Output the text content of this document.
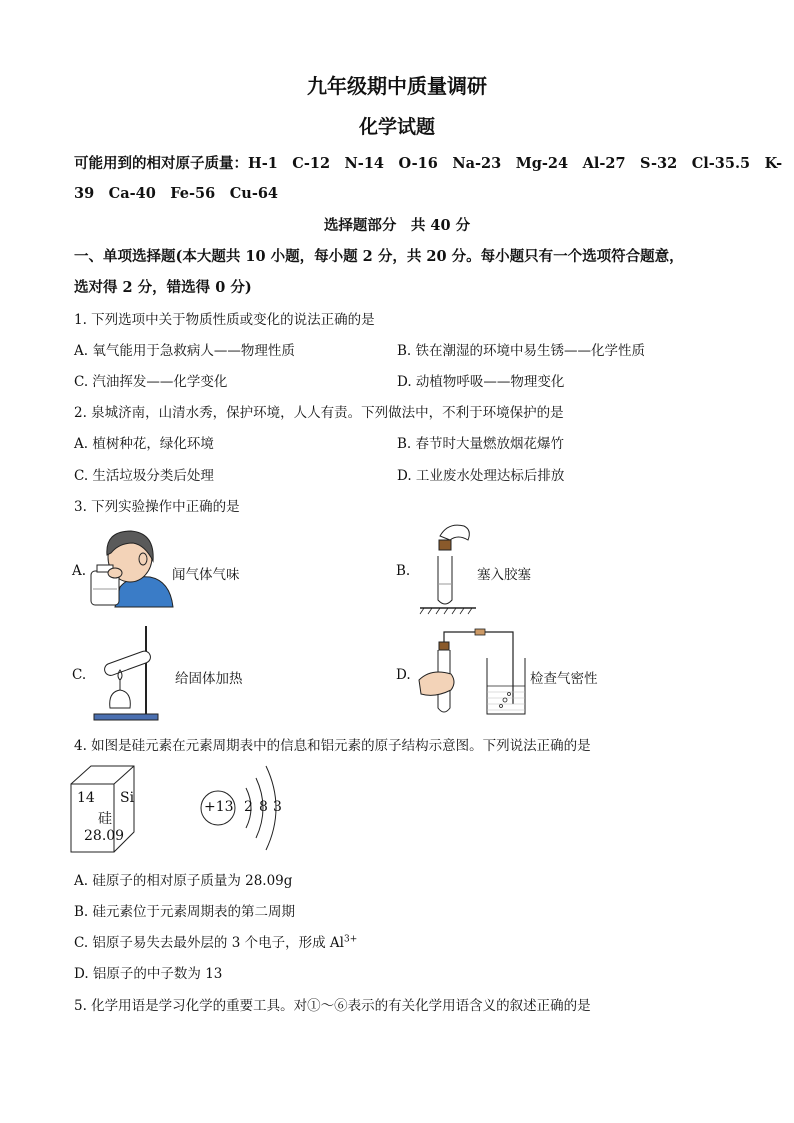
九年级期中质量调研
化学试题
可能用到的相对原子质量：H-1　C-12　N-14　O-16　Na-23　Mg-24　Al-27　S-32　Cl-35.5　K-
39　Ca-40　Fe-56　Cu-64
选择题部分　共 40 分
一、单项选择题(本大题共 10 小题，每小题 2 分，共 20 分。每小题只有一个选项符合题意，
选对得 2 分，错选得 0 分)
1. 下列选项中关于物质性质或变化的说法正确的是
A. 氧气能用于急救病人——物理性质	B. 铁在潮湿的环境中易生锈——化学性质
C. 汽油挥发——化学变化	D. 动植物呼吸——物理变化
2. 泉城济南，山清水秀，保护环境，人人有责。下列做法中，不利于环境保护的是
A. 植树种花，绿化环境	B. 春节时大量燃放烟花爆竹
C. 生活垃圾分类后处理	D. 工业废水处理达标后排放
3. 下列实验操作中正确的是
A.	闻气体气味	B.	塞入胶塞
C.	给固体加热	D.	检查气密性
4. 如图是硅元素在元素周期表中的信息和铝元素的原子结构示意图。下列说法正确的是
14 Si
硅
28.09
+13 2 8 3
A. 硅原子的相对原子质量为 28.09g
B. 硅元素位于元素周期表的第二周期
C. 铝原子易失去最外层的 3 个电子，形成 $Al^{3+}$
D. 铝原子的中子数为 13
5. 化学用语是学习化学的重要工具。对①～⑥表示的有关化学用语含义的叙述正确的是
